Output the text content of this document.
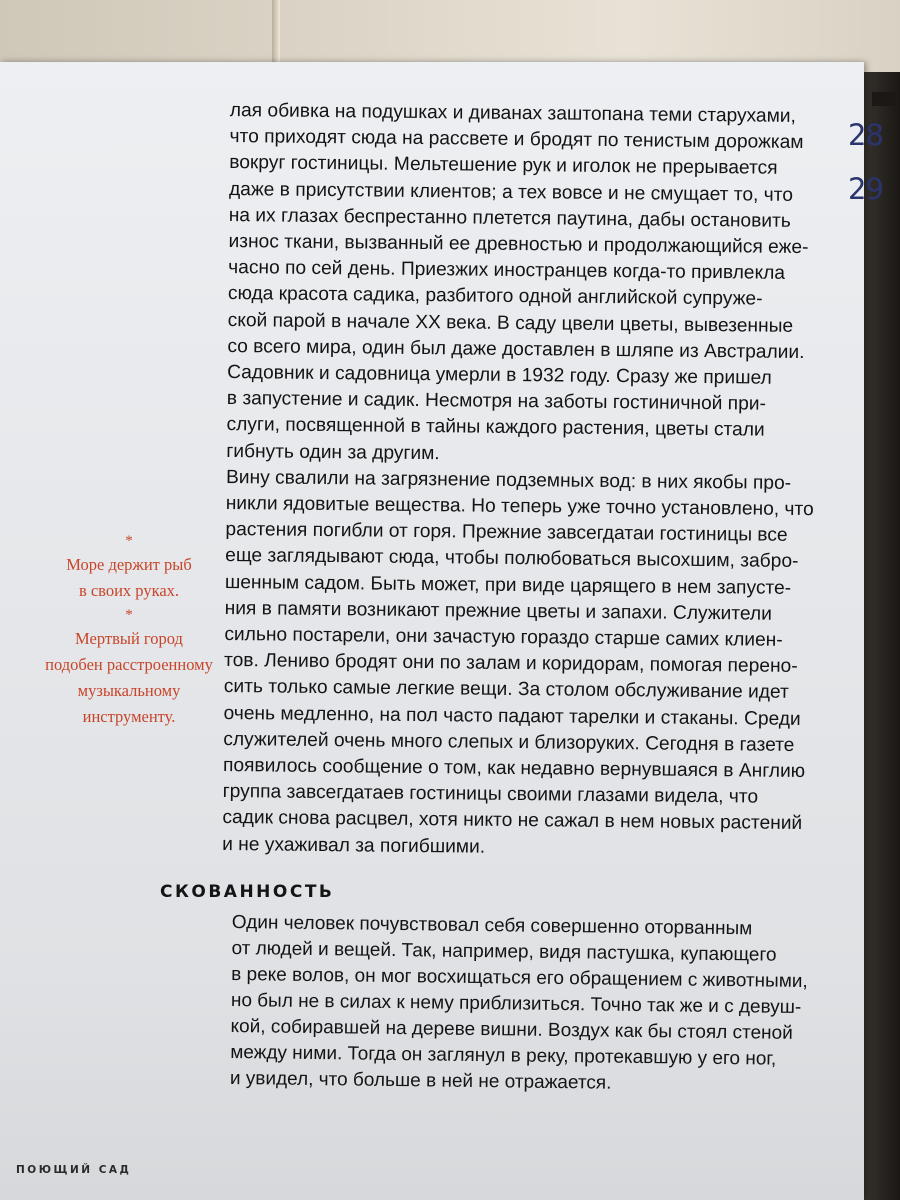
28
29
лая обивка на подушках и диванах заштопана теми старухами,
что приходят сюда на рассвете и бродят по тенистым дорожкам
вокруг гостиницы. Мельтешение рук и иголок не прерывается
даже в присутствии клиентов; а тех вовсе и не смущает то, что
на их глазах беспрестанно плетется паутина, дабы остановить
износ ткани, вызванный ее древностью и продолжающийся еже-
часно по сей день. Приезжих иностранцев когда-то привлекла
сюда красота садика, разбитого одной английской супруже-
ской парой в начале XX века. В саду цвели цветы, вывезенные
со всего мира, один был даже доставлен в шляпе из Австралии.
Садовник и садовница умерли в 1932 году. Сразу же пришел
в запустение и садик. Несмотря на заботы гостиничной при-
слуги, посвященной в тайны каждого растения, цветы стали
гибнуть один за другим.
Вину свалили на загрязнение подземных вод: в них якобы про-
никли ядовитые вещества. Но теперь уже точно установлено, что
растения погибли от горя. Прежние завсегдатаи гостиницы все
еще заглядывают сюда, чтобы полюбоваться высохшим, забро-
шенным садом. Быть может, при виде царящего в нем запусте-
ния в памяти возникают прежние цветы и запахи. Служители
сильно постарели, они зачастую гораздо старше самих клиен-
тов. Лениво бродят они по залам и коридорам, помогая перено-
сить только самые легкие вещи. За столом обслуживание идет
очень медленно, на пол часто падают тарелки и стаканы. Среди
служителей очень много слепых и близоруких. Сегодня в газете
появилось сообщение о том, как недавно вернувшаяся в Англию
группа завсегдатаев гостиницы своими глазами видела, что
садик снова расцвел, хотя никто не сажал в нем новых растений
и не ухаживал за погибшими.
*
Море держит рыб
в своих руках.
*
Мертвый город
подобен расстроенному
музыкальному
инструменту.
СКОВАННОСТЬ
Один человек почувствовал себя совершенно оторванным
от людей и вещей. Так, например, видя пастушка, купающего
в реке волов, он мог восхищаться его обращением с животными,
но был не в силах к нему приблизиться. Точно так же и с девуш-
кой, собиравшей на дереве вишни. Воздух как бы стоял стеной
между ними. Тогда он заглянул в реку, протекавшую у его ног,
и увидел, что больше в ней не отражается.
ПОЮЩИЙ САД
